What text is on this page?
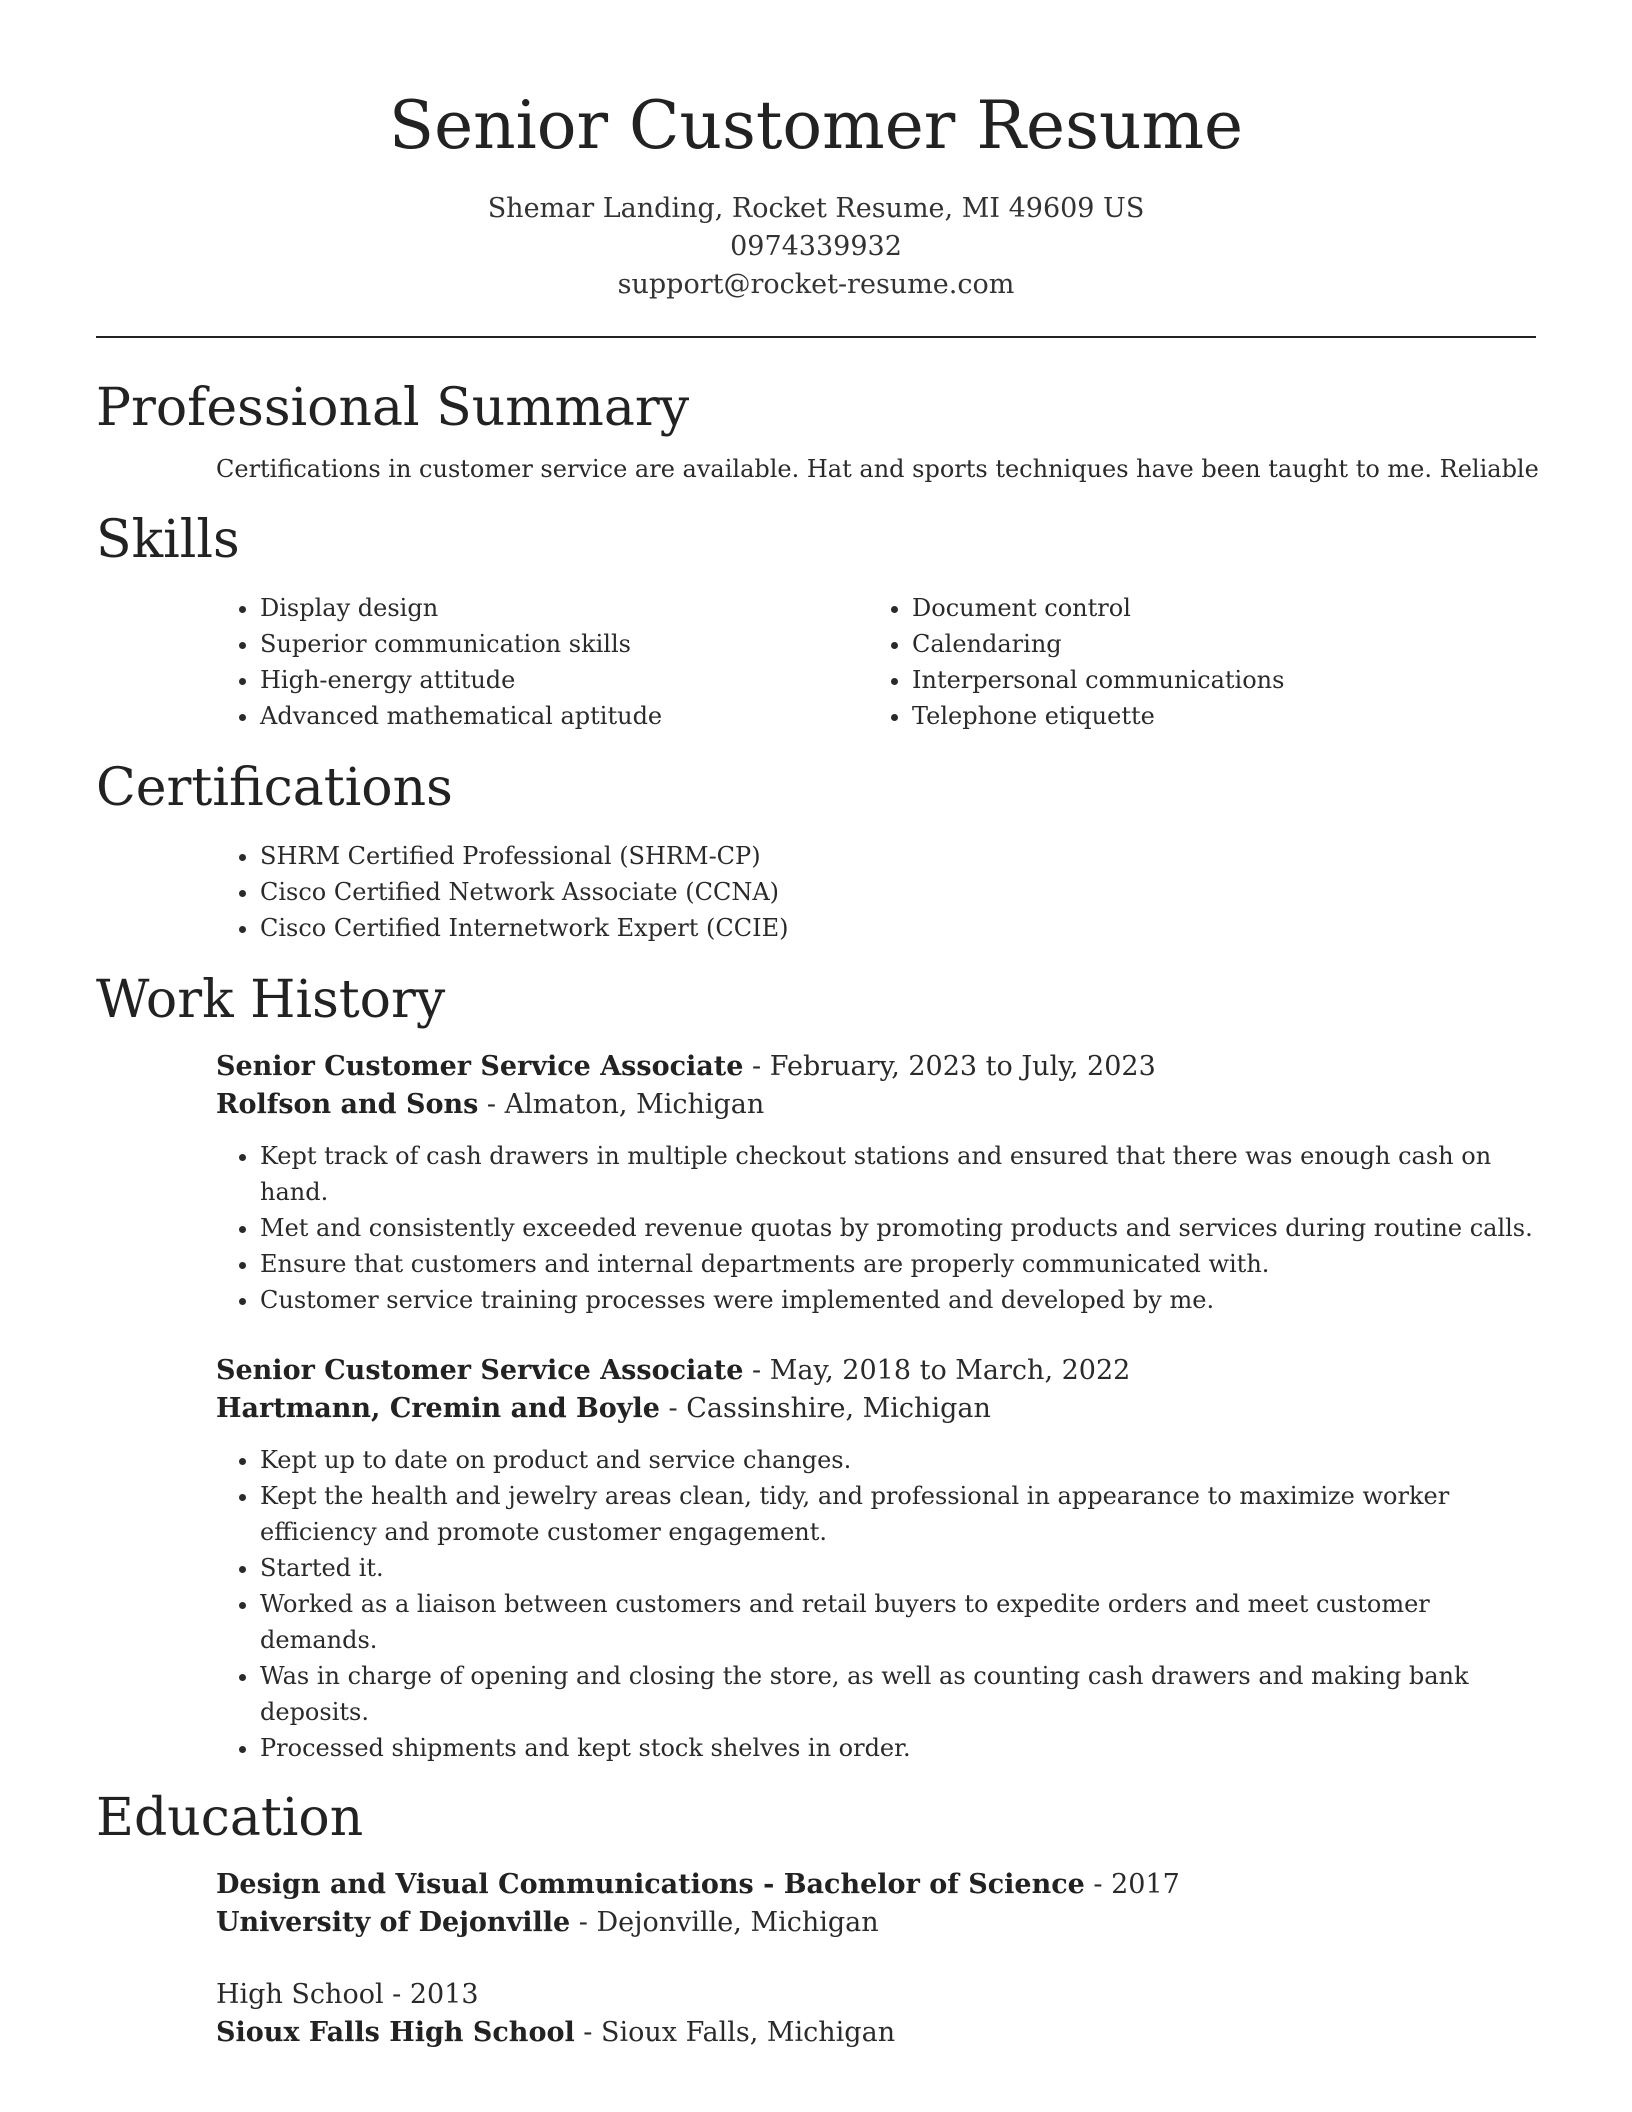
Senior Customer Resume
Shemar Landing, Rocket Resume, MI 49609 US
0974339932
support@rocket-resume.com
Professional Summary

Certifications in customer service are available. Hat and sports techniques have been taught to me. Reliable

Skills
• Display design
• Superior communication skills
• High-energy attitude
• Advanced mathematical aptitude
• Document control
• Calendaring
• Interpersonal communications
• Telephone etiquette
Certifications
• SHRM Certified Professional (SHRM-CP)
• Cisco Certified Network Associate (CCNA)
• Cisco Certified Internetwork Expert (CCIE)
Work History

Senior Customer Service Associate - February, 2023 to July, 2023

Rolfson and Sons - Almaton, Michigan

• Kept track of cash drawers in multiple checkout stations and ensured that there was enough cash on hand.
• Met and consistently exceeded revenue quotas by promoting products and services during routine calls.
• Ensure that customers and internal departments are properly communicated with.
• Customer service training processes were implemented and developed by me.

Senior Customer Service Associate - May, 2018 to March, 2022

Hartmann, Cremin and Boyle - Cassinshire, Michigan

• Kept up to date on product and service changes.
• Kept the health and jewelry areas clean, tidy, and professional in appearance to maximize worker efficiency and promote customer engagement.
• Started it.
• Worked as a liaison between customers and retail buyers to expedite orders and meet customer demands.
• Was in charge of opening and closing the store, as well as counting cash drawers and making bank deposits.
• Processed shipments and kept stock shelves in order.
Education

Design and Visual Communications - Bachelor of Science - 2017

University of Dejonville - Dejonville, Michigan

High School - 2013

Sioux Falls High School - Sioux Falls, Michigan
